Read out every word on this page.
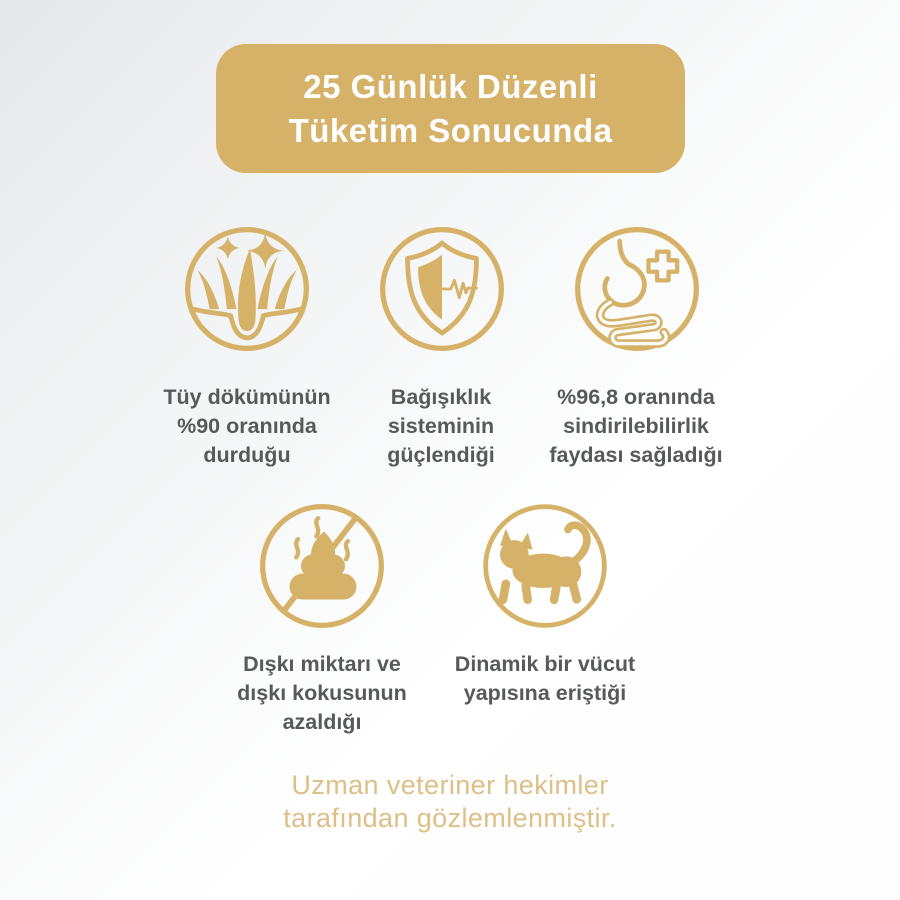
25 Günlük Düzenli
Tüketim Sonucunda
Tüy dökümünün
%90 oranında
durduğu
Bağışıklık
sisteminin
güçlendiği
%96,8 oranında
sindirilebilirlik
faydası sağladığı
Dışkı miktarı ve
dışkı kokusunun
azaldığı
Dinamik bir vücut
yapısına eriştiği
Uzman veteriner hekimler
tarafından gözlemlenmiştir.
